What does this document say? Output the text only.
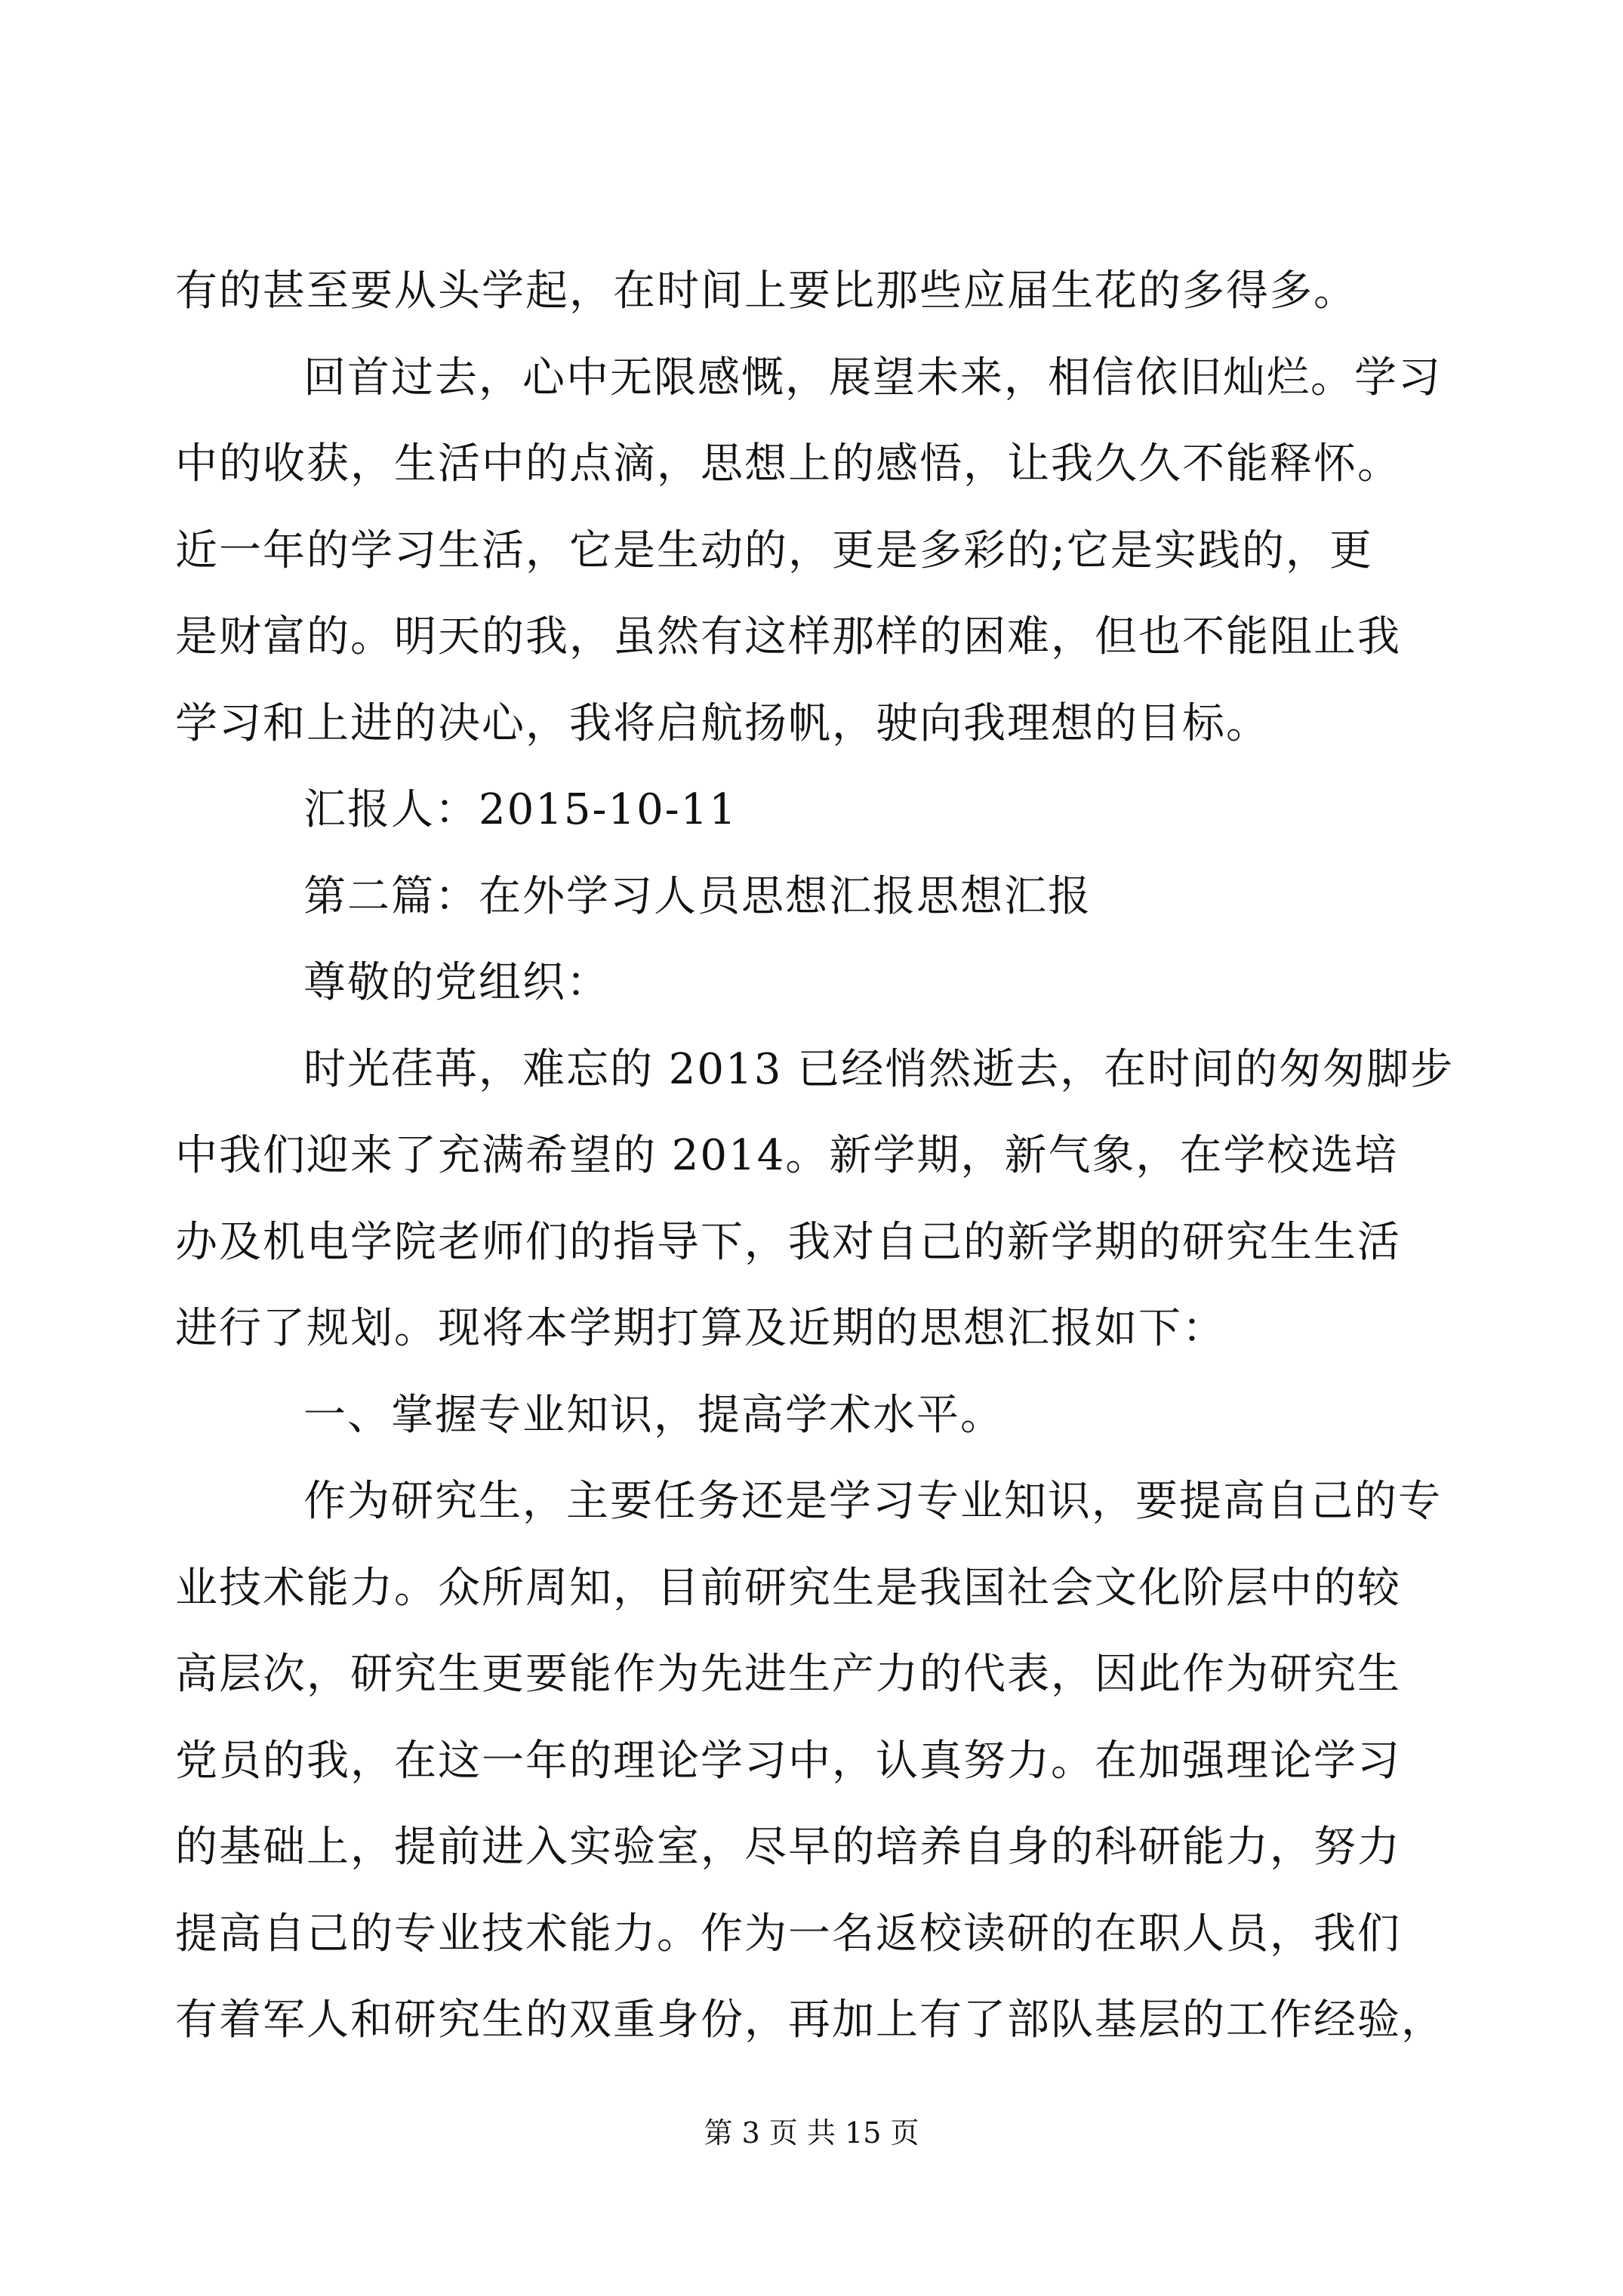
有的甚至要从头学起，在时间上要比那些应届生花的多得多。
回首过去，心中无限感慨，展望未来，相信依旧灿烂。学习
中的收获，生活中的点滴，思想上的感悟，让我久久不能释怀。
近一年的学习生活，它是生动的，更是多彩的;它是实践的，更
是财富的。明天的我，虽然有这样那样的困难，但也不能阻止我
学习和上进的决心，我将启航扬帆，驶向我理想的目标。
汇报人：2015-10-11
第二篇：在外学习人员思想汇报思想汇报
尊敬的党组织：
时光荏苒，难忘的 2013 已经悄然逝去，在时间的匆匆脚步
中我们迎来了充满希望的 2014。新学期，新气象，在学校选培
办及机电学院老师们的指导下，我对自己的新学期的研究生生活
进行了规划。现将本学期打算及近期的思想汇报如下：
一、掌握专业知识，提高学术水平。
作为研究生，主要任务还是学习专业知识，要提高自己的专
业技术能力。众所周知，目前研究生是我国社会文化阶层中的较
高层次，研究生更要能作为先进生产力的代表，因此作为研究生
党员的我，在这一年的理论学习中，认真努力。在加强理论学习
的基础上，提前进入实验室，尽早的培养自身的科研能力，努力
提高自己的专业技术能力。作为一名返校读研的在职人员，我们
有着军人和研究生的双重身份，再加上有了部队基层的工作经验，
第 3 页 共 15 页
